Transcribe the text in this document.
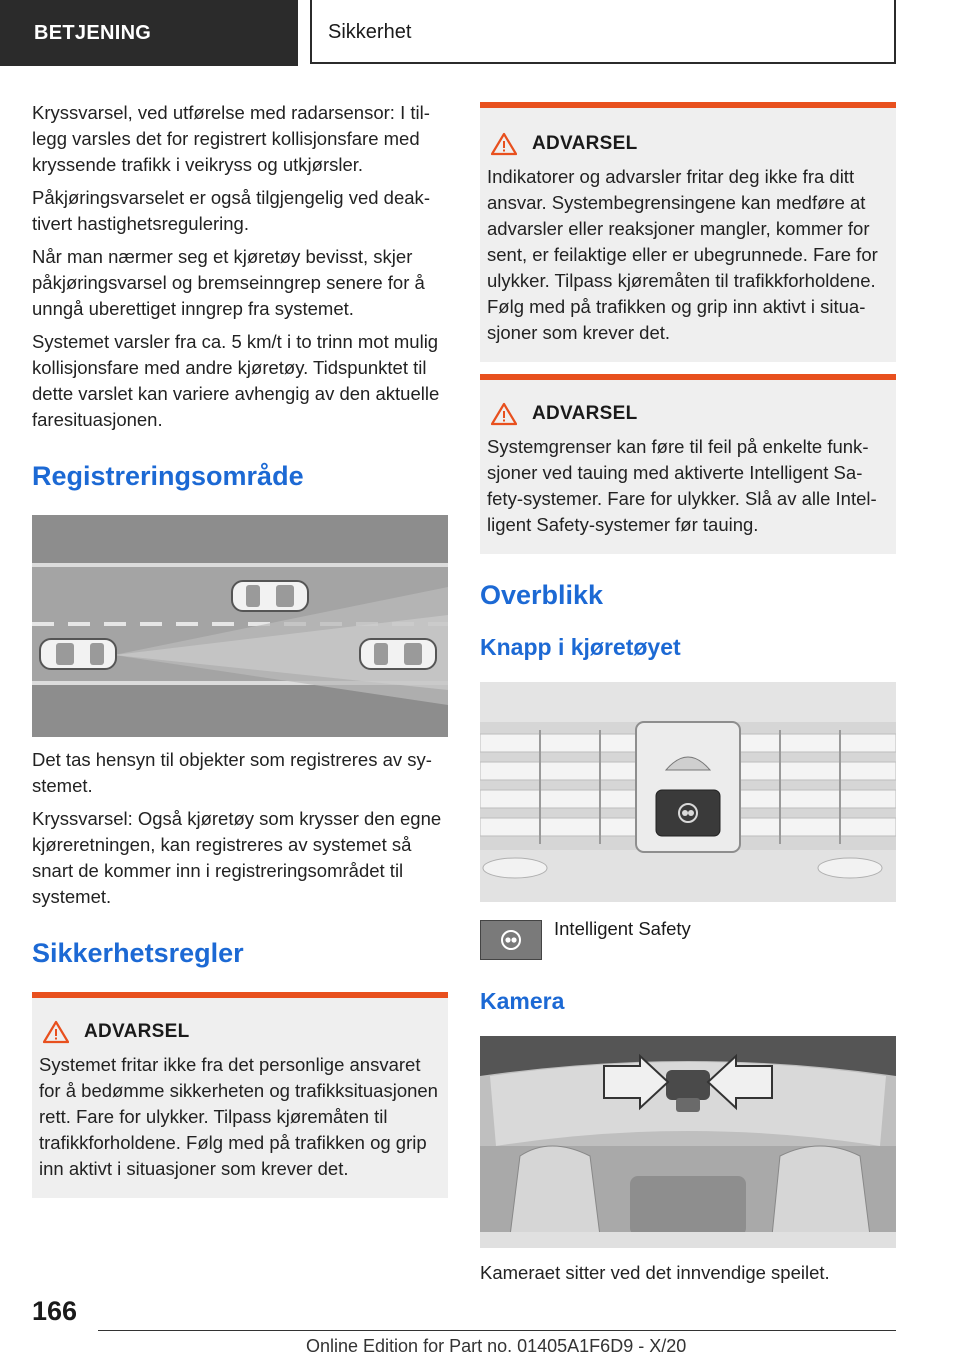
BETJENING	Sikkerhet

Kryssvarsel, ved utførelse med radarsensor: I tillegg varsles det for registrert kollisjonsfare med kryssende trafikk i veikryss og utkjørsler.

Påkjøringsvarselet er også tilgjengelig ved deaktivert hastighetsregulering.

Når man nærmer seg et kjøretøy bevisst, skjer påkjøringsvarsel og bremseinngrep senere for å unngå uberettiget inngrep fra systemet.

Systemet varsler fra ca. 5 km/t i to trinn mot mulig kollisjonsfare med andre kjøretøy. Tidspunktet til dette varslet kan variere avhengig av den aktuelle faresituasjonen.

Registreringsområde

Det tas hensyn til objekter som registreres av systemet.

Kryssvarsel: Også kjøretøy som krysser den egne kjøreretningen, kan registreres av systemet så snart de kommer inn i registreringsområdet til systemet.

Sikkerhetsregler
ADVARSEL
Systemet fritar ikke fra det personlige ansvaret for å bedømme sikkerheten og trafikksituasjonen rett. Fare for ulykker. Tilpass kjøremåten til trafikkforholdene. Følg med på trafikken og grip inn aktivt i situasjoner som krever det.
ADVARSEL
Indikatorer og advarsler fritar deg ikke fra ditt ansvar. Systembegrensingene kan medføre at advarsler eller reaksjoner mangler, kommer for sent, er feilaktige eller er ubegrunnede. Fare for ulykker. Tilpass kjøremåten til trafikkforholdene. Følg med på trafikken og grip inn aktivt i situasjoner som krever det.
ADVARSEL
Systemgrenser kan føre til feil på enkelte funksjoner ved tauing med aktiverte Intelligent Safety-systemer. Fare for ulykker. Slå av alle Intelligent Safety-systemer før tauing.
Overblikk
Knapp i kjøretøyet
Intelligent Safety
Kamera

Kameraet sitter ved det innvendige speilet.

166
Online Edition for Part no. 01405A1F6D9 - X/20
